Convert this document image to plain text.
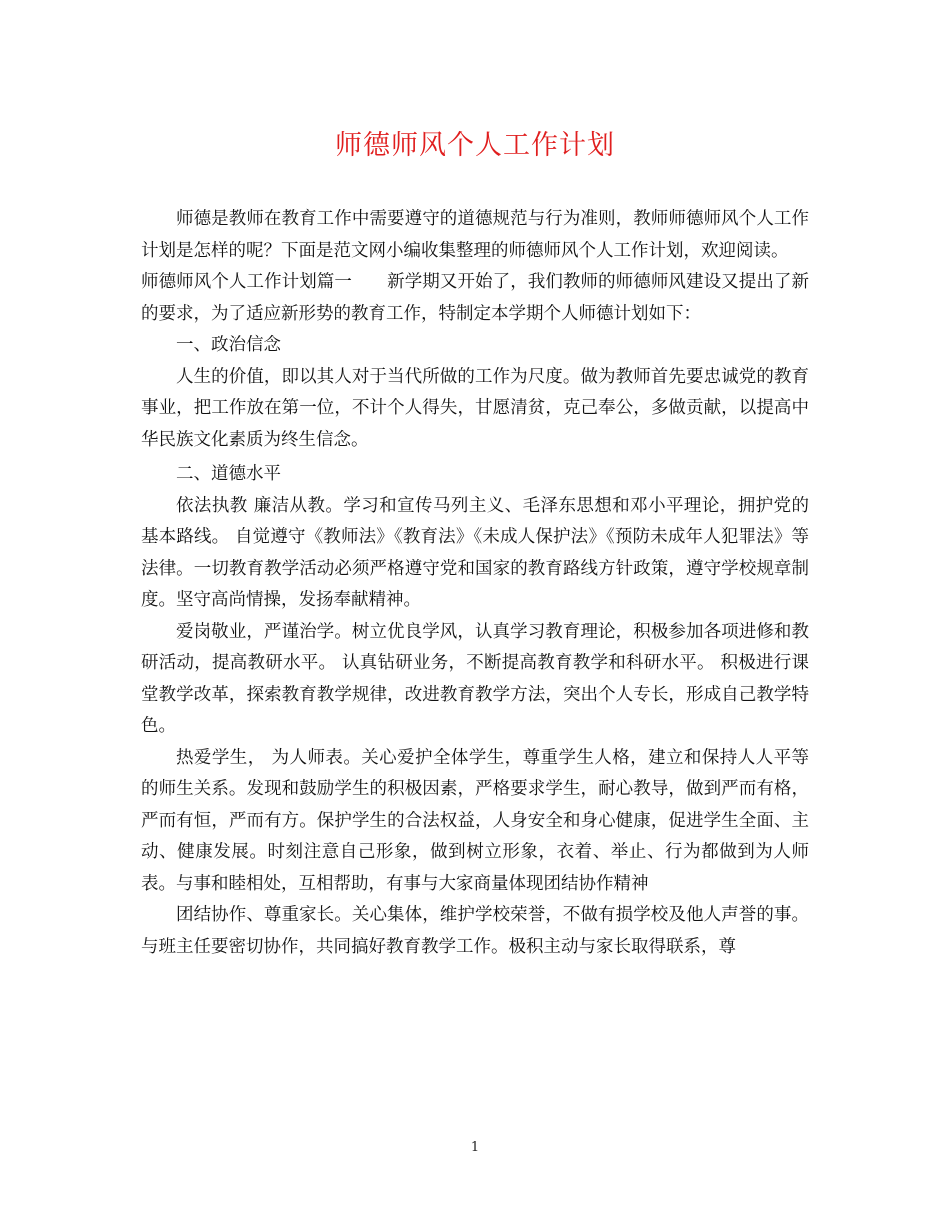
师德师风个人工作计划

师德是教师在教育工作中需要遵守的道德规范与行为准则，教师师德师风个人工作计划是怎样的呢？下面是范文网小编收集整理的师德师风个人工作计划，欢迎阅读。

师德师风个人工作计划篇一　　新学期又开始了，我们教师的师德师风建设又提出了新的要求，为了适应新形势的教育工作，特制定本学期个人师德计划如下：

一、政治信念

人生的价值，即以其人对于当代所做的工作为尺度。做为教师首先要忠诚党的教育事业，把工作放在第一位，不计个人得失，甘愿清贫，克己奉公，多做贡献，以提高中华民族文化素质为终生信念。

二、道德水平

依法执教 廉洁从教。学习和宣传马列主义、毛泽东思想和邓小平理论，拥护党的基本路线。 自觉遵守《教师法》《教育法》《未成人保护法》《预防未成年人犯罪法》等法律。一切教育教学活动必须严格遵守党和国家的教育路线方针政策，遵守学校规章制度。坚守高尚情操，发扬奉献精神。

爱岗敬业，严谨治学。树立优良学风，认真学习教育理论，积极参加各项进修和教研活动，提高教研水平。 认真钻研业务，不断提高教育教学和科研水平。 积极进行课堂教学改革，探索教育教学规律，改进教育教学方法，突出个人专长，形成自己教学特色。

热爱学生， 为人师表。关心爱护全体学生，尊重学生人格，建立和保持人人平等的师生关系。发现和鼓励学生的积极因素，严格要求学生，耐心教导，做到严而有格，严而有恒，严而有方。保护学生的合法权益，人身安全和身心健康，促进学生全面、主动、健康发展。时刻注意自己形象，做到树立形象，衣着、举止、行为都做到为人师表。与事和睦相处，互相帮助，有事与大家商量体现团结协作精神

团结协作、尊重家长。关心集体，维护学校荣誉，不做有损学校及他人声誉的事。与班主任要密切协作，共同搞好教育教学工作。极积主动与家长取得联系，尊

1
